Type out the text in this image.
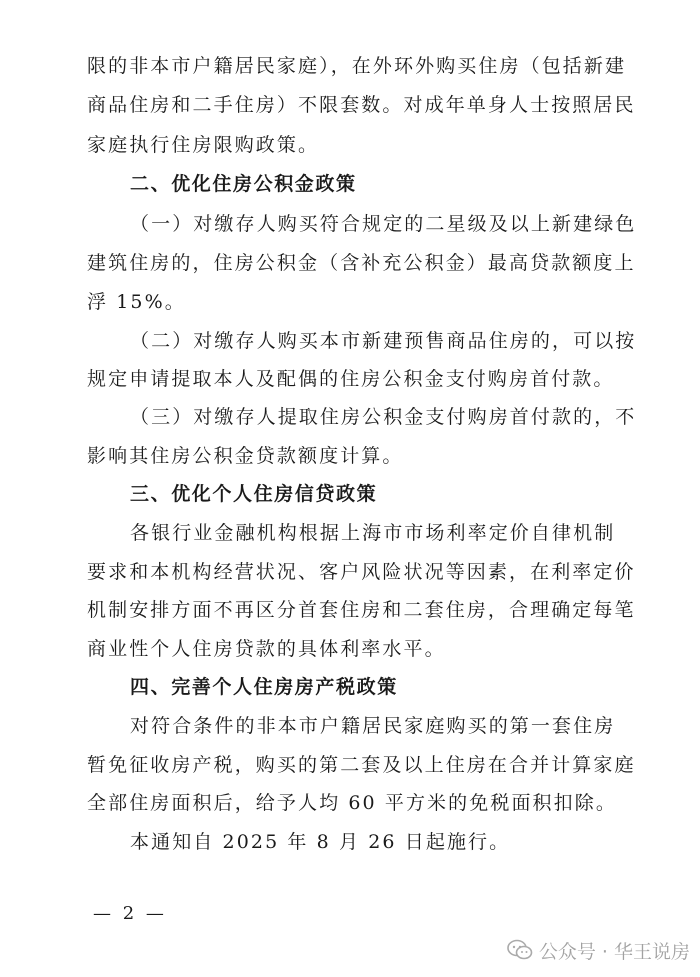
限的非本市户籍居民家庭），在外环外购买住房（包括新建
商品住房和二手住房）不限套数。对成年单身人士按照居民
家庭执行住房限购政策。
二、优化住房公积金政策
（一）对缴存人购买符合规定的二星级及以上新建绿色
建筑住房的，住房公积金（含补充公积金）最高贷款额度上
浮 15%。
（二）对缴存人购买本市新建预售商品住房的，可以按
规定申请提取本人及配偶的住房公积金支付购房首付款。
（三）对缴存人提取住房公积金支付购房首付款的，不
影响其住房公积金贷款额度计算。
三、优化个人住房信贷政策
各银行业金融机构根据上海市市场利率定价自律机制
要求和本机构经营状况、客户风险状况等因素，在利率定价
机制安排方面不再区分首套住房和二套住房，合理确定每笔
商业性个人住房贷款的具体利率水平。
四、完善个人住房房产税政策
对符合条件的非本市户籍居民家庭购买的第一套住房
暂免征收房产税，购买的第二套及以上住房在合并计算家庭
全部住房面积后，给予人均 60 平方米的免税面积扣除。
本通知自 2025 年 8 月 26 日起施行。
— 2 —
公众号 · 华王说房
